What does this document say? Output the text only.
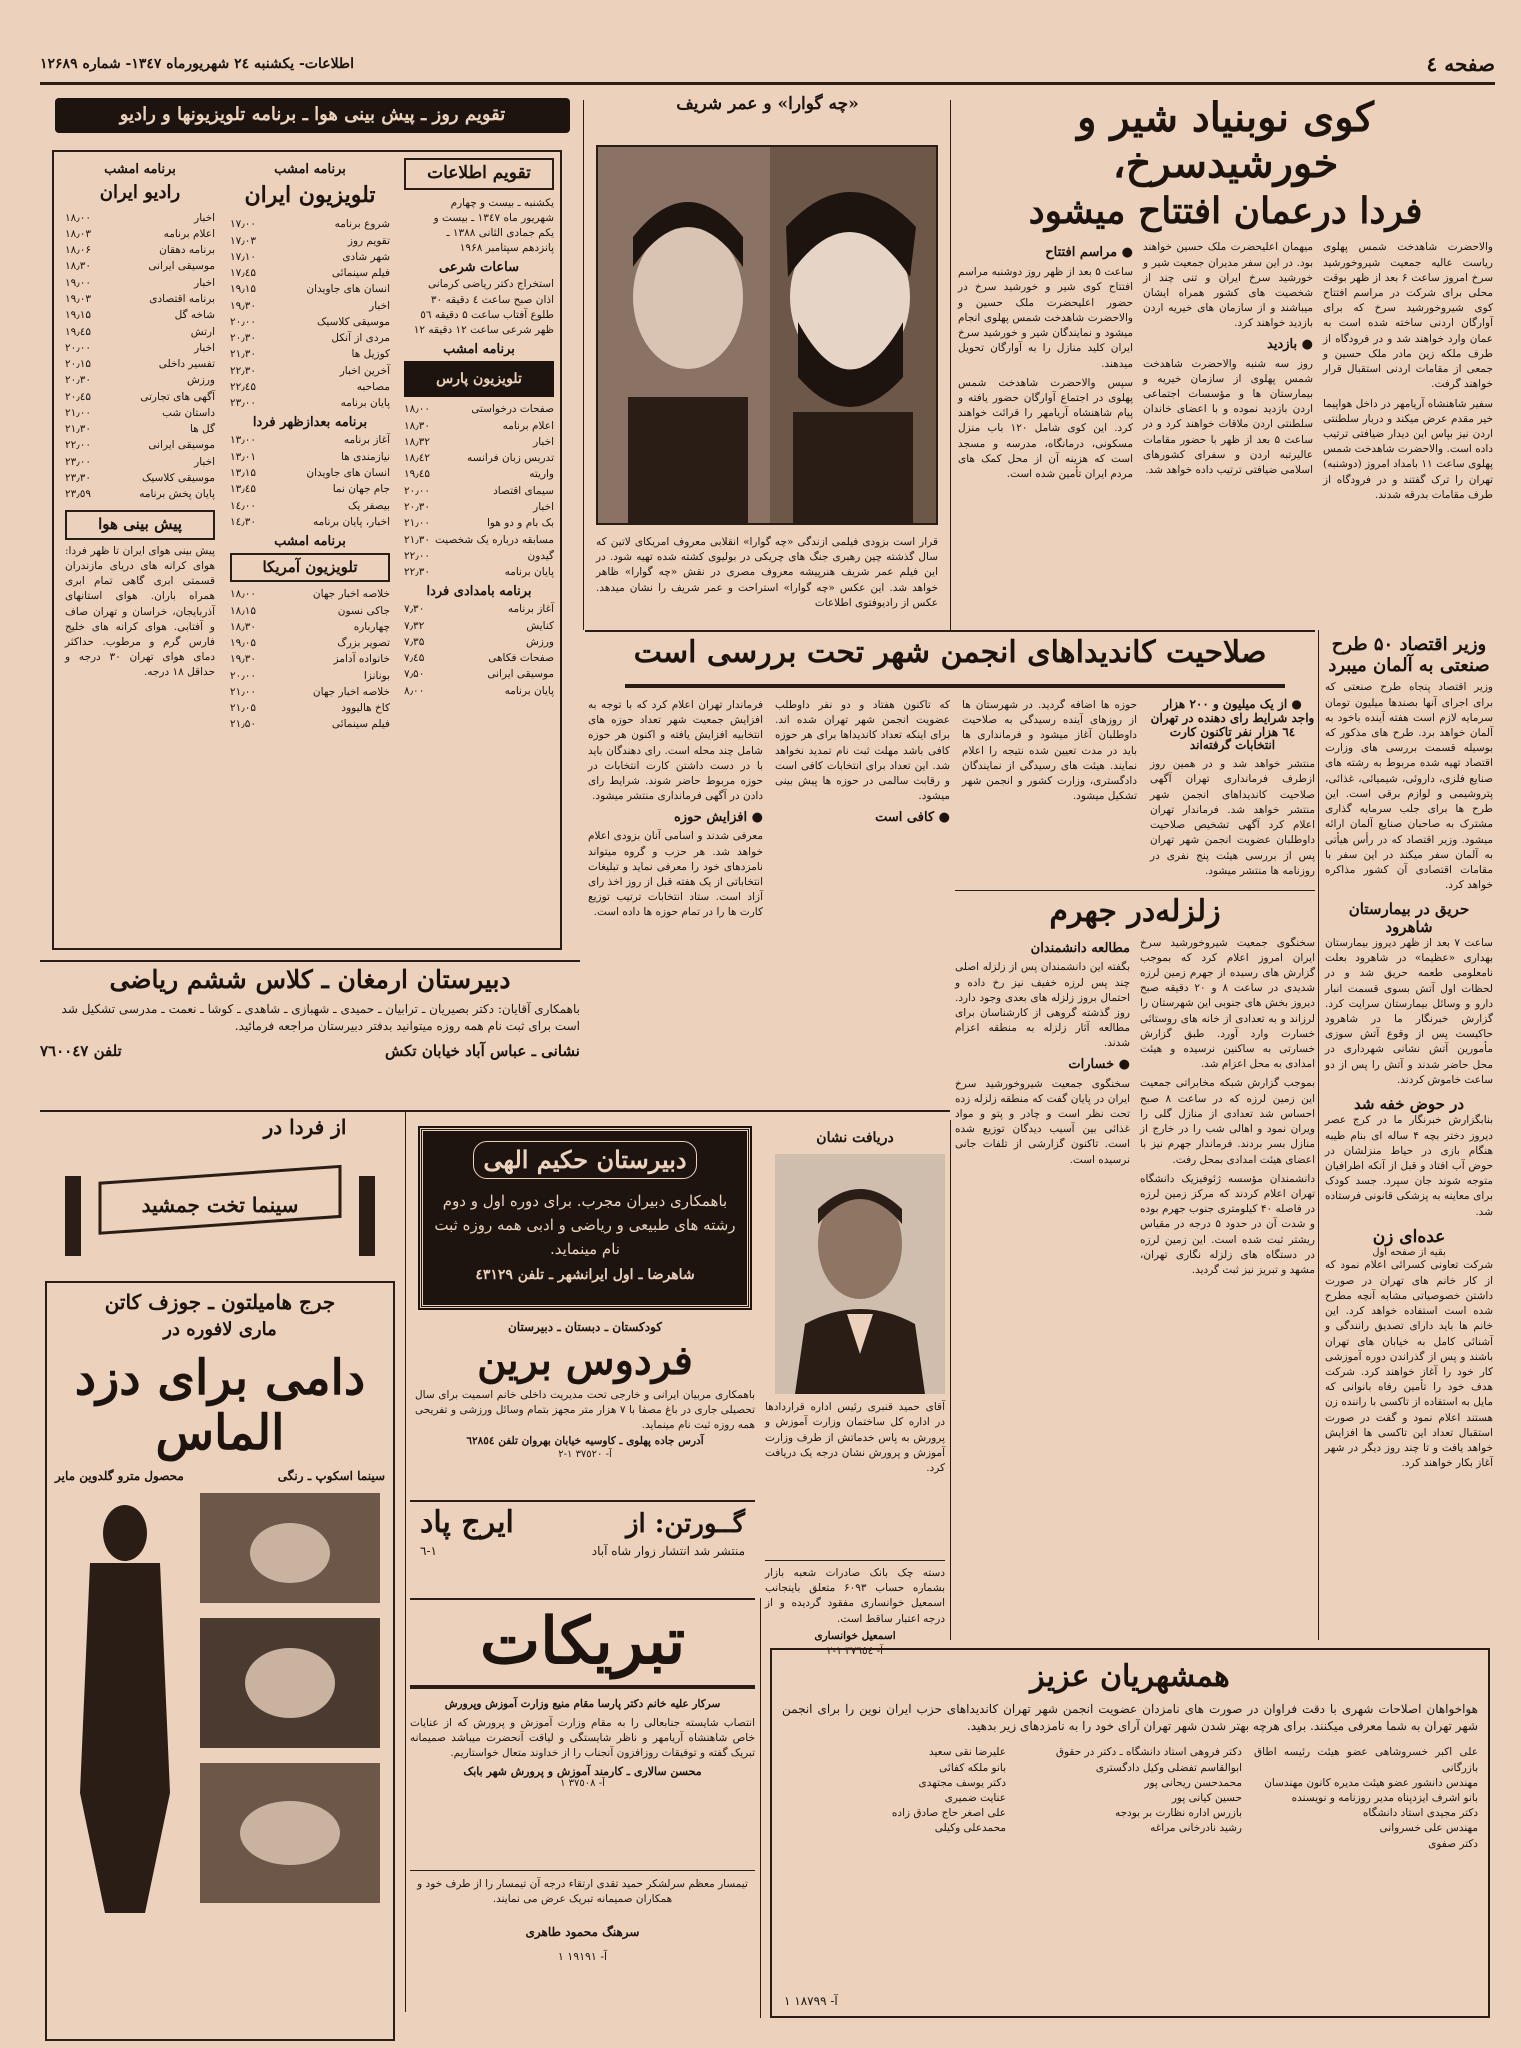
صفحه ٤
اطلاعات- یکشنبه ۲٤ شهریورماه ۱۳٤۷- شماره ۱۲۶۸۹
کوی نوبنیاد شیر و خورشیدسرخ،
فردا درعمان افتتاح میشود

والاحضرت شاهدخت شمس پهلوی ریاست عالیه جمعیت شیروخورشید سرخ امروز ساعت ۶ بعد از ظهر بوقت محلی برای شرکت در مراسم افتتاح کوی شیروخورشید سرخ که برای آوارگان اردنی ساخته شده است به عمان وارد خواهند شد و در فرودگاه از طرف ملکه زین مادر ملک حسین و جمعی از مقامات اردنی استقبال قرار خواهند گرفت.

سفیر شاهنشاه آریامهر در داخل هواپیما خیر مقدم عرض میکند و دربار سلطنتی اردن نیز بپاس این دیدار ضیافتی ترتیب داده است. والاحضرت شاهدخت شمس پهلوی ساعت ۱۱ بامداد امروز (دوشنبه) تهران را ترک گفتند و در فرودگاه از طرف مقامات بدرقه شدند.

میهمان اعلیحضرت ملک حسین خواهند بود. در این سفر مدیران جمعیت شیر و خورشید سرخ ایران و تنی چند از شخصیت های کشور همراه ایشان میباشند و از سازمان های خیریه اردن بازدید خواهند کرد.

● بازدید

روز سه شنبه والاحضرت شاهدخت شمس پهلوی از سازمان خیریه و بیمارستان ها و مؤسسات اجتماعی اردن بازدید نموده و با اعضای خاندان سلطنتی اردن ملاقات خواهند کرد و در ساعت ۵ بعد از ظهر با حضور مقامات عالیرتبه اردن و سفرای کشورهای اسلامی ضیافتی ترتیب داده خواهد شد.

● مراسم افتتاح

ساعت ۵ بعد از ظهر روز دوشنبه مراسم افتتاح کوی شیر و خورشید سرخ در حضور اعلیحضرت ملک حسین و والاحضرت شاهدخت شمس پهلوی انجام میشود و نمایندگان شیر و خورشید سرخ ایران کلید منازل را به آوارگان تحویل میدهند.

سپس والاحضرت شاهدخت شمس پهلوی در اجتماع آوارگان حضور یافته و پیام شاهنشاه آریامهر را قرائت خواهند کرد. این کوی شامل ۱۲۰ باب منزل مسکونی، درمانگاه، مدرسه و مسجد است که هزینه آن از محل کمک های مردم ایران تأمین شده است.

«چه گوارا» و عمر شریف
قرار است بزودی فیلمی ازندگی «چه گوارا» انقلابی معروف امریکای لاتین که سال گذشته چین رهبری جنگ های چریکی در بولیوی کشته شده تهیه شود. در این فیلم عمر شریف هنرپیشه معروف مصری در نقش «چه گوارا» ظاهر خواهد شد. این عکس «چه گوارا» استراحت و عمر شریف را نشان میدهد. عکس از رادیوفتوی اطلاعات
تقویم روز ـ پیش بینی هوا ـ برنامه تلویزیونها و رادیو
تقویم اطلاعات
یکشنبه ـ بیست و چهارم
شهریور ماه ۱۳٤۷ ـ بیست و
یکم جمادی الثانی ۱۳۸۸ ـ
پانزدهم سپتامبر ۱۹۶۸
ساعات شرعی
استخراج دکتر ریاضی کرمانی
اذان صبح ساعت ٤ دقیقه ۳۰
طلوع آفتاب ساعت ۵ دقیقه ٥٦
ظهر شرعی ساعت ۱۲ دقیقه ۱۲
برنامه امشب
تلویزیون پارس
صفحات درخواستی
۱۸٫۰۰
اعلام برنامه
۱۸٫۳۰
اخبار
۱۸٫۳۲
تدریس زبان فرانسه
۱۸٫٤۲
واریته
۱۹٫٤۵
سیمای اقتصاد
۲۰٫۰۰
اخبار
۲۰٫۳۰
بک بام و دو هوا
۲۱٫۰۰
مسابقه درباره یک شخصیت
۲۱٫۳۰
گیدون
۲۲٫۰۰
پایان برنامه
۲۲٫۳۰
برنامه بامدادی فردا
آغاز برنامه
۷٫۳۰
کنایش
۷٫۳۲
ورزش
۷٫۳۵
صفحات فکاهی
۷٫٤۵
موسیقی ایرانی
۷٫۵۰
پایان برنامه
۸٫۰۰
برنامه امشب
تلویزیون ایران
شروع برنامه
۱۷٫۰۰
تقویم روز
۱۷٫۰۳
شهر شادی
۱۷٫۱۰
فیلم سینمائی
۱۷٫٤۵
انسان های جاویدان
۱۹٫۱۵
اخبار
۱۹٫۳۰
موسیقی کلاسیک
۲۰٫۰۰
مردی از آنکل
۲۰٫۳۰
کوزیل ها
۲۱٫۳۰
آخرین اخبار
۲۲٫۳۰
مصاحبه
۲۲٫٤۵
پایان برنامه
۲۳٫۰۰
برنامه بعدازظهر فردا
آغاز برنامه
۱۳٫۰۰
نیازمندی ها
۱۳٫۰۱
انسان های جاویدان
۱۳٫۱۵
جام جهان نما
۱۳٫٤۵
بیصفر یک
۱٤٫۰۰
اخبار، پایان برنامه
۱٤٫۳۰
برنامه امشب
تلویزیون آمریکا
خلاصه اخبار جهان
۱۸٫۰۰
جاکی نسون
۱۸٫۱۵
چهارباره
۱۸٫۳۰
تصویر بزرگ
۱۹٫۰۵
خانواده آدامز
۱۹٫۳۰
بونانزا
۲۰٫۰۰
خلاصه اخبار جهان
۲۱٫۰۰
کاخ هالیوود
۲۱٫۰۵
فیلم سینمائی
۲۱٫۵۰
برنامه امشب
رادیو ایران
اخبار
۱۸٫۰۰
اعلام برنامه
۱۸٫۰۳
برنامه دهقان
۱۸٫۰۶
موسیقی ایرانی
۱۸٫۳۰
اخبار
۱۹٫۰۰
برنامه اقتصادی
۱۹٫۰۳
شاخه گل
۱۹٫۱۵
ارتش
۱۹٫٤۵
اخبار
۲۰٫۰۰
تفسیر داخلی
۲۰٫۱۵
ورزش
۲۰٫۳۰
آگهی های تجارتی
۲۰٫٤۵
داستان شب
۲۱٫۰۰
گل ها
۲۱٫۳۰
موسیقی ایرانی
۲۲٫۰۰
اخبار
۲۳٫۰۰
موسیقی کلاسیک
۲۳٫۳۰
پایان پخش برنامه
۲۳٫٥۹
پیش بینی هوا
پیش بینی هوای ایران تا ظهر فردا: هوای کرانه های دریای مازندران قسمتی ابری گاهی تمام ابری همراه باران. هوای استانهای آذربایجان، خراسان و تهران صاف و آفتابی. هوای کرانه های خلیج فارس گرم و مرطوب. حداکثر دمای هوای تهران ۳۰ درجه و حداقل ۱۸ درجه.
وزیر اقتصاد ۵۰ طرح صنعتی به آلمان میبرد
وزیر اقتصاد پنجاه طرح صنعتی که برای اجرای آنها بصندها میلیون تومان سرمایه لازم است هفته آینده باخود به آلمان خواهد برد. طرح های مذکور که بوسیله قسمت بررسی های وزارت اقتصاد تهیه شده مربوط به رشته های صنایع فلزی، داروئی، شیمیائی، غذائی، پتروشیمی و لوازم برقی است. این طرح ها برای جلب سرمایه گذاری مشترک به صاحبان صنایع آلمان ارائه میشود. وزیر اقتصاد که در رأس هیأتی به آلمان سفر میکند در این سفر با مقامات اقتصادی آن کشور مذاکره خواهد کرد.
حریق در بیمارستان شاهرود
ساعت ۷ بعد از ظهر دیروز بیمارستان بهداری «عظیما» در شاهرود بعلت نامعلومی طعمه حریق شد و در لحظات اول آتش بسوی قسمت انبار دارو و وسائل بیمارستان سرایت کرد. گزارش خبرنگار ما در شاهرود حاکیست پس از وقوع آتش سوزی مأمورین آتش نشانی شهرداری در محل حاضر شدند و آتش را پس از دو ساعت خاموش کردند.
در حوض خفه شد
بنابگزارش خبرنگار ما در کرج عصر دیروز دختر بچه ۴ ساله ای بنام طیبه هنگام بازی در حیاط منزلشان در حوض آب افتاد و قبل از آنکه اطرافیان متوجه شوند جان سپرد. جسد کودک برای معاینه به پزشکی قانونی فرستاده شد.
عده‌ای زن
بقیه از صفحه اول
شرکت تعاونی کسرائی اعلام نمود که از کار خانم های تهران در صورت داشتن خصوصیاتی مشابه آنچه مطرح شده است استفاده خواهد کرد. این خانم ها باید دارای تصدیق رانندگی و آشنائی کامل به خیابان های تهران باشند و پس از گذراندن دوره آموزشی کار خود را آغاز خواهند کرد. شرکت هدف خود را تأمین رفاه بانوانی که مایل به استفاده از تاکسی با راننده زن هستند اعلام نمود و گفت در صورت استقبال تعداد این تاکسی ها افزایش خواهد یافت و تا چند روز دیگر در شهر آغاز بکار خواهند کرد.
صلاحیت کاندیداهای انجمن شهر تحت بررسی است
● از یک میلیون و ۲۰۰ هزار واجد شرایط رای دهنده در تهران ٦٤ هزار نفر تاکنون کارت انتخابات گرفته‌اند

منتشر خواهد شد و در همین روز ازطرف فرمانداری تهران آگهی صلاحیت کاندیداهای انجمن شهر منتشر خواهد شد. فرماندار تهران اعلام کرد آگهی تشخیص صلاحیت داوطلبان عضویت انجمن شهر تهران پس از بررسی هیئت پنج نفری در روزنامه ها منتشر میشود.

حوزه ها اضافه گردید. در شهرستان ها از روزهای آینده رسیدگی به صلاحیت داوطلبان آغاز میشود و فرمانداری ها باید در مدت تعیین شده نتیجه را اعلام نمایند. هیئت های رسیدگی از نمایندگان دادگستری، وزارت کشور و انجمن شهر تشکیل میشود.

که تاکنون هفتاد و دو نفر داوطلب عضویت انجمن شهر تهران شده اند. برای اینکه تعداد کاندیداها برای هر حوزه کافی باشد مهلت ثبت نام تمدید نخواهد شد. این تعداد برای انتخابات کافی است و رقابت سالمی در حوزه ها پیش بینی میشود.

● کافی است

فرماندار تهران اعلام کرد که با توجه به افزایش جمعیت شهر تعداد حوزه های انتخابیه افزایش یافته و اکنون هر حوزه شامل چند محله است. رای دهندگان باید با در دست داشتن کارت انتخابات در حوزه مربوط حاضر شوند. شرایط رای دادن در آگهی فرمانداری منتشر میشود.

● افزایش حوزه

معرفی شدند و اسامی آنان بزودی اعلام خواهد شد. هر حزب و گروه میتواند نامزدهای خود را معرفی نماید و تبلیغات انتخاباتی از یک هفته قبل از روز اخذ رای آزاد است. ستاد انتخابات ترتیب توزیع کارت ها را در تمام حوزه ها داده است.	زلزله‌در جهرم

سخنگوی جمعیت شیروخورشید سرخ ایران امروز اعلام کرد که بموجب گزارش های رسیده از جهرم زمین لرزه شدیدی در ساعت ۸ و ۲۰ دقیقه صبح دیروز بخش های جنوبی این شهرستان را لرزاند و به تعدادی از خانه های روستائی خسارت وارد آورد. طبق گزارش خسارتی به ساکنین نرسیده و هیئت امدادی به محل اعزام شد.

بموجب گزارش شبکه مخابراتی جمعیت این زمین لرزه که در ساعت ۸ صبح احساس شد تعدادی از منازل گلی را ویران نمود و اهالی شب را در خارج از منازل بسر بردند. فرماندار جهرم نیز با اعضای هیئت امدادی بمحل رفت.

دانشمندان مؤسسه ژئوفیزیک دانشگاه تهران اعلام کردند که مرکز زمین لرزه در فاصله ۴۰ کیلومتری جنوب جهرم بوده و شدت آن در حدود ۵ درجه در مقیاس ریشتر ثبت شده است. این زمین لرزه در دستگاه های زلزله نگاری تهران، مشهد و تبریز نیز ثبت گردید.

مطالعه دانشمندان

بگفته این دانشمندان پس از زلزله اصلی چند پس لرزه خفیف نیز رخ داده و احتمال بروز زلزله های بعدی وجود دارد. روز گذشته گروهی از کارشناسان برای مطالعه آثار زلزله به منطقه اعزام شدند.

● خسارات

سخنگوی جمعیت شیروخورشید سرخ ایران در پایان گفت که منطقه زلزله زده تحت نظر است و چادر و پتو و مواد غذائی بین آسیب دیدگان توزیع شده است. تاکنون گزارشی از تلفات جانی نرسیده است.

دریافت نشان
آقای حمید قنبری رئیس اداره قراردادها در اداره کل ساختمان وزارت آموزش و پرورش به پاس خدماتش از طرف وزارت آموزش و پرورش نشان درجه یک دریافت کرد.
دسته چک بانک صادرات شعبه بازار بشماره حساب ۶۰۹۳ متعلق باینجانب اسمعیل خوانساری مفقود گردیده و از درجه اعتبار ساقط است.
اسمعیل خوانساری
آ- ۳۷٦٥٤ ۱-۲
دبیرستان ارمغان ـ کلاس ششم ریاضی
باهمکاری آقایان: دکتر بصیریان ـ ترابیان ـ حمیدی ـ شهبازی ـ شاهدی ـ کوشا ـ نعمت ـ مدرسی تشکیل شد است برای ثبت نام همه روزه میتوانید بدفتر دبیرستان مراجعه فرمائید.
نشانی ـ عباس آباد خیابان تکش
تلفن ۷٦۰۰٤۷
از فردا در
سینما تخت جمشید
جرج هامیلتون ـ جوزف کاتن
ماری لافوره در
دامی برای دزد الماس
سینما اسکوپ ـ رنگی
محصول مترو گلدوین مایر
دبیرستان حکیم الهی
باهمکاری دبیران مجرب. برای دوره اول و دوم رشته های طبیعی و ریاضی و ادبی همه روزه ثبت نام مینماید.
شاهرضا ـ اول ایرانشهر ـ تلفن ٤۳۱۲۹
کودکستان ـ دبستان ـ دبیرستان
فردوس برین
باهمکاری مربیان ایرانی و خارجی تحت مدیریت داخلی خانم اسمیت برای سال تحصیلی جاری در باغ مصفا با ۷ هزار متر مجهز بتمام وسائل ورزشی و تفریحی همه روزه ثبت نام مینماید.
آدرس جاده پهلوی ـ کاوسیه خیابان بهروان تلفن ٦۲۸٥٤
آ- ۳۷٥۲۰ ۱-۲
گــورتن: از
ایرج پاد
منتشر شد انتشار زوار شاه آباد
۱-٦
تبریکات
سرکار علیه خانم دکتر پارسا مقام منیع وزارت آموزش وپرورش
انتصاب شایسته جنابعالی را به مقام وزارت آموزش و پرورش که از عنایات خاص شاهنشاه آریامهر و ناظر شایستگی و لیاقت آنحضرت میباشد صمیمانه تبریک گفته و توفیقات روزافزون آنجناب را از خداوند متعال خواستاریم.
محسن سالاری ـ کارمند آموزش و پرورش شهر بابک
آ- ۳۷٥۰۸ ۱
تیمسار معظم سرلشکر حمید تقدی ارتقاء درجه آن تیمسار را از طرف خود و همکاران صمیمانه تبریک عرض می نمایند.
سرهنگ محمود طاهری
آ- ۱۹۱۹۱ ۱
همشهریان عزیز
هواخواهان اصلاحات شهری با دقت فراوان در صورت های نامزدان عضویت انجمن شهر تهران کاندیداهای حزب ایران نوین را برای انجمن شهر تهران به شما معرفی میکنند. برای هرچه بهتر شدن شهر تهران آرای خود را به نامزدهای زیر بدهید.
علی اکبر خسروشاهی عضو هیئت رئیسه اطاق بازرگانی
مهندس دانشور عضو هیئت مدیره کانون مهندسان
بانو اشرف ایزدپناه مدیر روزنامه و نویسنده
دکتر مجیدی استاد دانشگاه
مهندس علی خسروانی
دکتر صفوی
دکتر فروهی استاد دانشگاه ـ دکتر در حقوق
ابوالقاسم تفضلی وکیل دادگستری
محمدحسن ریحانی پور
حسین کیانی پور
بازرس اداره نظارت بر بودجه
رشید نادرخانی مراغه
علیرضا نقی سعید
بانو ملکه کفائی
دکتر یوسف مجتهدی
عنایت ضمیری
علی اصغر حاج صادق زاده
محمدعلی وکیلی
آ- ۱۸۷۹۹ ۱
